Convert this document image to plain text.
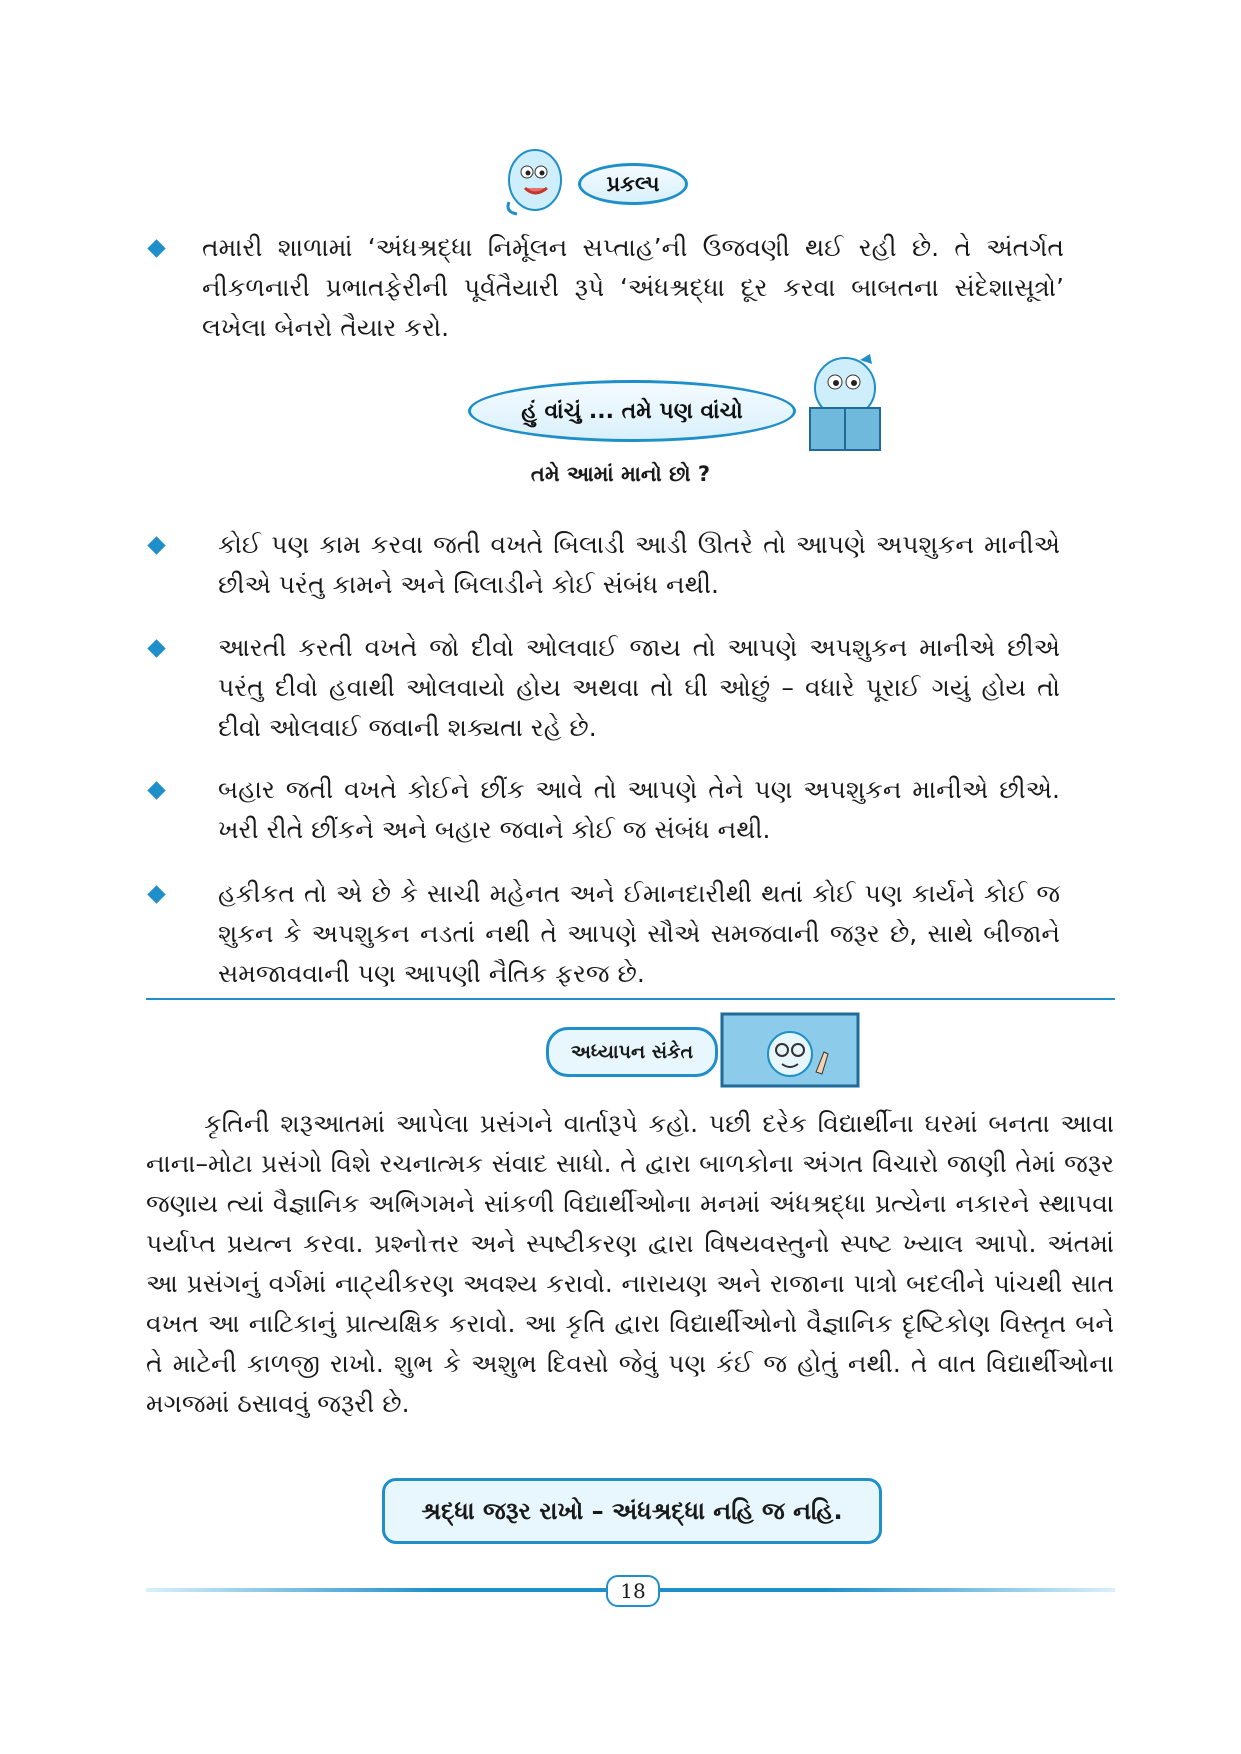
પ્રકલ્પ
તમારી શાળામાં ‘અંધશ્રદ્ધા નિર્મૂલન સપ્તાહ’ની ઉજવણી થઈ રહી છે. તે અંતર્ગત નીકળનારી પ્રભાતફેરીની પૂર્વતૈયારી રૂપે ‘અંધશ્રદ્ધા દૂર કરવા બાબતના સંદેશાસૂત્રો’ લખેલા બેનરો તૈયાર કરો.
હું વાંચું ... તમે પણ વાંચો
તમે આમાં માનો છો ?
કોઈ પણ કામ કરવા જતી વખતે બિલાડી આડી ઊતરે તો આપણે અપશુકન માનીએ છીએ પરંતુ કામને અને બિલાડીને કોઈ સંબંધ નથી.
આરતી કરતી વખતે જો દીવો ઓલવાઈ જાય તો આપણે અપશુકન માનીએ છીએ પરંતુ દીવો હવાથી ઓલવાયો હોય અથવા તો ઘી ઓછું – વધારે પૂરાઈ ગયું હોય તો દીવો ઓલવાઈ જવાની શક્યતા રહે છે.
બહાર જતી વખતે કોઈને છીંક આવે તો આપણે તેને પણ અપશુકન માનીએ છીએ. ખરી રીતે છીંકને અને બહાર જવાને કોઈ જ સંબંધ નથી.
હકીકત તો એ છે કે સાચી મહેનત અને ઈમાનદારીથી થતાં કોઈ પણ કાર્યને કોઈ જ શુકન કે અપશુકન નડતાં નથી તે આપણે સૌએ સમજવાની જરૂર છે, સાથે બીજાને સમજાવવાની પણ આપણી નૈતિક ફરજ છે.
અધ્યાપન સંકેત
કૃતિની શરૂઆતમાં આપેલા પ્રસંગને વાર્તારૂપે કહો. પછી દરેક વિદ્યાર્થીના ઘરમાં બનતા આવા નાના–મોટા પ્રસંગો વિશે રચનાત્મક સંવાદ સાધો. તે દ્વારા બાળકોના અંગત વિચારો જાણી તેમાં જરૂર જણાય ત્યાં વૈજ્ઞાનિક અભિગમને સાંકળી વિદ્યાર્થીઓના મનમાં અંધશ્રદ્ધા પ્રત્યેના નકારને સ્થાપવા પર્યાપ્ત પ્રયત્ન કરવા. પ્રશ્નોત્તર અને સ્પષ્ટીકરણ દ્વારા વિષયવસ્તુનો સ્પષ્ટ ખ્યાલ આપો. અંતમાં આ પ્રસંગનું વર્ગમાં નાટ્યીકરણ અવશ્ય કરાવો. નારાયણ અને રાજાના પાત્રો બદલીને પાંચથી સાત વખત આ નાટિકાનું પ્રાત્યક્ષિક કરાવો. આ કૃતિ દ્વારા વિદ્યાર્થીઓનો વૈજ્ઞાનિક દૃષ્ટિકોણ વિસ્તૃત બને તે માટેની કાળજી રાખો. શુભ કે અશુભ દિવસો જેવું પણ કંઈ જ હોતું નથી. તે વાત વિદ્યાર્થીઓના મગજમાં ઠસાવવું જરૂરી છે.
શ્રદ્ધા જરૂર રાખો – અંધશ્રદ્ધા નહિ જ નહિ.
18
